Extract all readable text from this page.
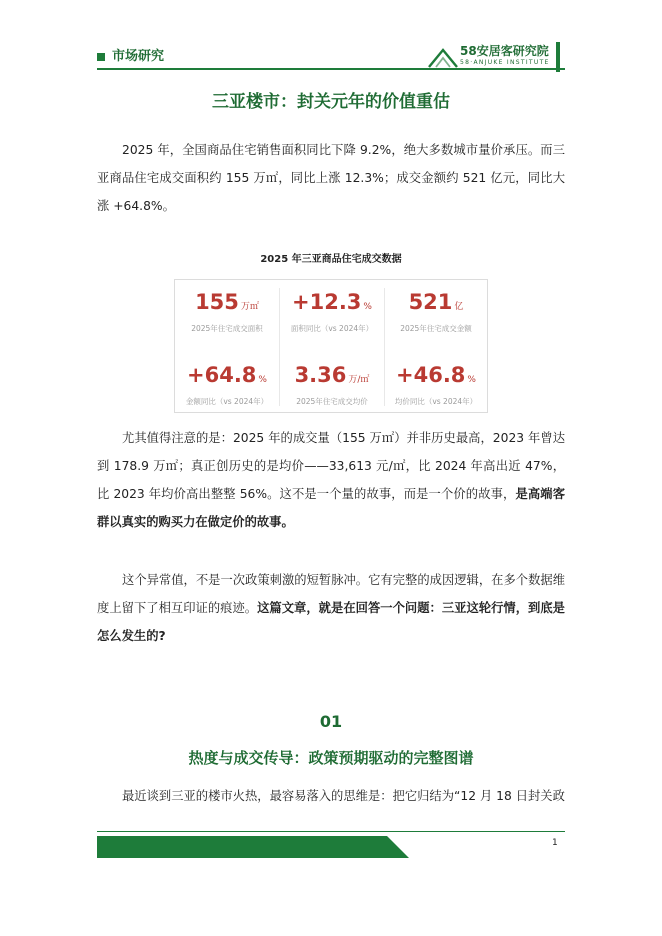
市场研究	58安居客研究院
58·ANJUKE INSTITUTE
三亚楼市：封关元年的价值重估
2025 年，全国商品住宅销售面积同比下降 9.2%，绝大多数城市量价承压。而三亚商品住宅成交面积约 155 万㎡，同比上涨 12.3%；成交金额约 521 亿元，同比大涨 +64.8%。
2025 年三亚商品住宅成交数据
155 万㎡
2025年住宅成交面积
+12.3 %
面积同比（vs 2024年）
521 亿
2025年住宅成交金额
+64.8 %
金额同比（vs 2024年）
3.36 万/㎡
2025年住宅成交均价
+46.8 %
均价同比（vs 2024年）
尤其值得注意的是：2025 年的成交量（155 万㎡）并非历史最高，2023 年曾达到 178.9 万㎡；真正创历史的是均价——33,613 元/㎡，比 2024 年高出近 47%，比 2023 年均价高出整整 56%。这不是一个量的故事，而是一个价的故事，是高端客群以真实的购买力在做定价的故事。
这个异常值，不是一次政策刺激的短暂脉冲。它有完整的成因逻辑，在多个数据维度上留下了相互印证的痕迹。这篇文章，就是在回答一个问题：三亚这轮行情，到底是怎么发生的?
01
热度与成交传导：政策预期驱动的完整图谱
最近谈到三亚的楼市火热，最容易落入的思维是：把它归结为“12 月 18 日封关政
1
